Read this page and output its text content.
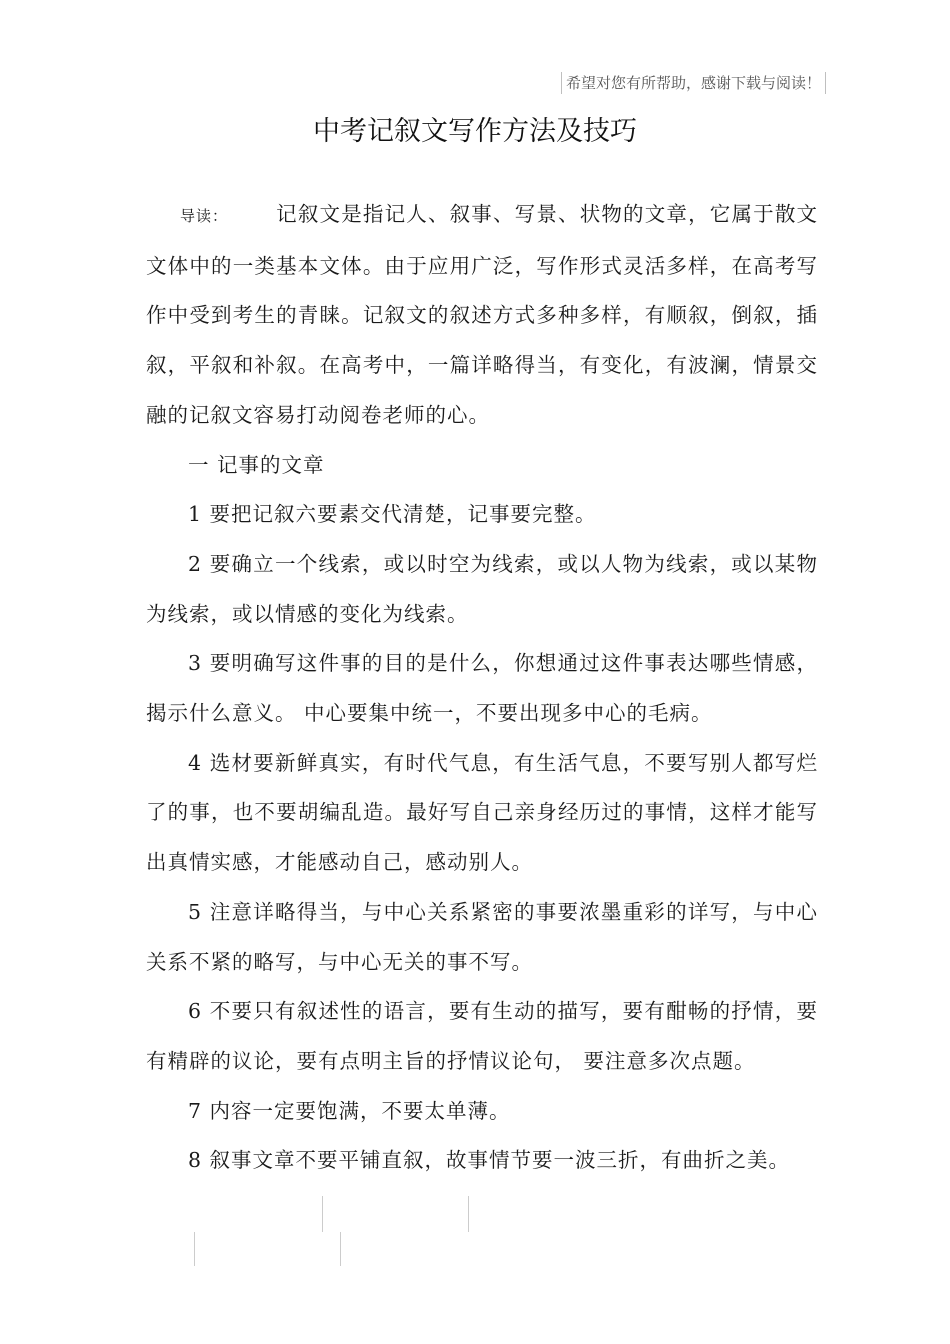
希望对您有所帮助，感谢下载与阅读！
中考记叙文写作方法及技巧

导读： 记叙文是指记人、叙事、写景、状物的文章，它属于散文文体中的一类基本文体。由于应用广泛，写作形式灵活多样，在高考写作中受到考生的青睐。记叙文的叙述方式多种多样，有顺叙，倒叙，插叙，平叙和补叙。在高考中，一篇详略得当，有变化，有波澜，情景交融的记叙文容易打动阅卷老师的心。

一 记事的文章

1 要把记叙六要素交代清楚，记事要完整。

2 要确立一个线索，或以时空为线索，或以人物为线索，或以某物为线索，或以情感的变化为线索。

3 要明确写这件事的目的是什么，你想通过这件事表达哪些情感，揭示什么意义。 中心要集中统一，不要出现多中心的毛病。

4 选材要新鲜真实，有时代气息，有生活气息，不要写别人都写烂了的事，也不要胡编乱造。最好写自己亲身经历过的事情，这样才能写出真情实感，才能感动自己，感动别人。

5 注意详略得当，与中心关系紧密的事要浓墨重彩的详写，与中心关系不紧的略写，与中心无关的事不写。

6 不要只有叙述性的语言，要有生动的描写，要有酣畅的抒情，要有精辟的议论，要有点明主旨的抒情议论句， 要注意多次点题。

7 内容一定要饱满，不要太单薄。

8 叙事文章不要平铺直叙，故事情节要一波三折，有曲折之美。
